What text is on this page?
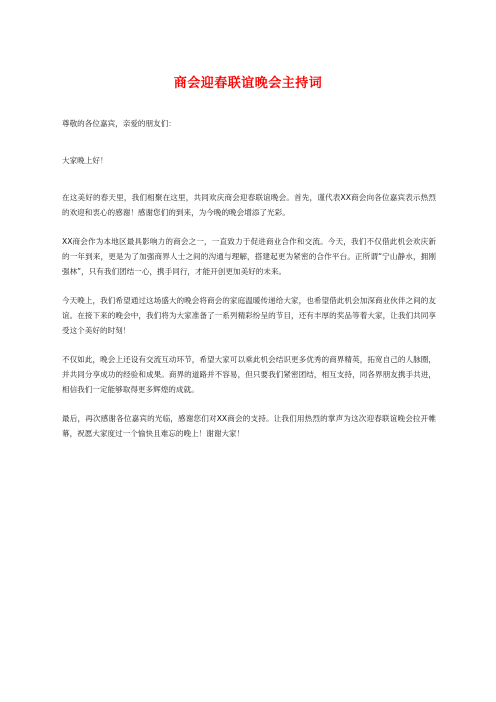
商会迎春联谊晚会主持词

尊敬的各位嘉宾，亲爱的朋友们：

大家晚上好！

在这美好的春天里，我们相聚在这里，共同欢庆商会迎春联谊晚会。首先，谨代表XX商会向各位嘉宾表示热烈的欢迎和衷心的感谢！感谢您们的到来，为今晚的晚会增添了光彩。

XX商会作为本地区最具影响力的商会之一，一直致力于促进商业合作和交流。今天，我们不仅借此机会欢庆新的一年到来，更是为了加强商界人士之间的沟通与理解，搭建起更为紧密的合作平台。正所谓“宁山静水，拥刚强林”，只有我们团结一心，携手同行，才能开创更加美好的未来。

今天晚上，我们希望通过这场盛大的晚会将商会的家庭温暖传递给大家，也希望借此机会加深商业伙伴之间的友谊。在接下来的晚会中，我们将为大家准备了一系列精彩纷呈的节目，还有丰厚的奖品等着大家，让我们共同享受这个美好的时刻！

不仅如此，晚会上还设有交流互动环节，希望大家可以乘此机会结识更多优秀的商界精英，拓宽自己的人脉圈，并共同分享成功的经验和成果。商界的道路并不容易，但只要我们紧密团结，相互支持，同各界朋友携手共进，相信我们一定能够取得更多辉煌的成就。

最后，再次感谢各位嘉宾的光临，感谢您们对XX商会的支持。让我们用热烈的掌声为这次迎春联谊晚会拉开帷幕，祝愿大家度过一个愉快且难忘的晚上！谢谢大家！
